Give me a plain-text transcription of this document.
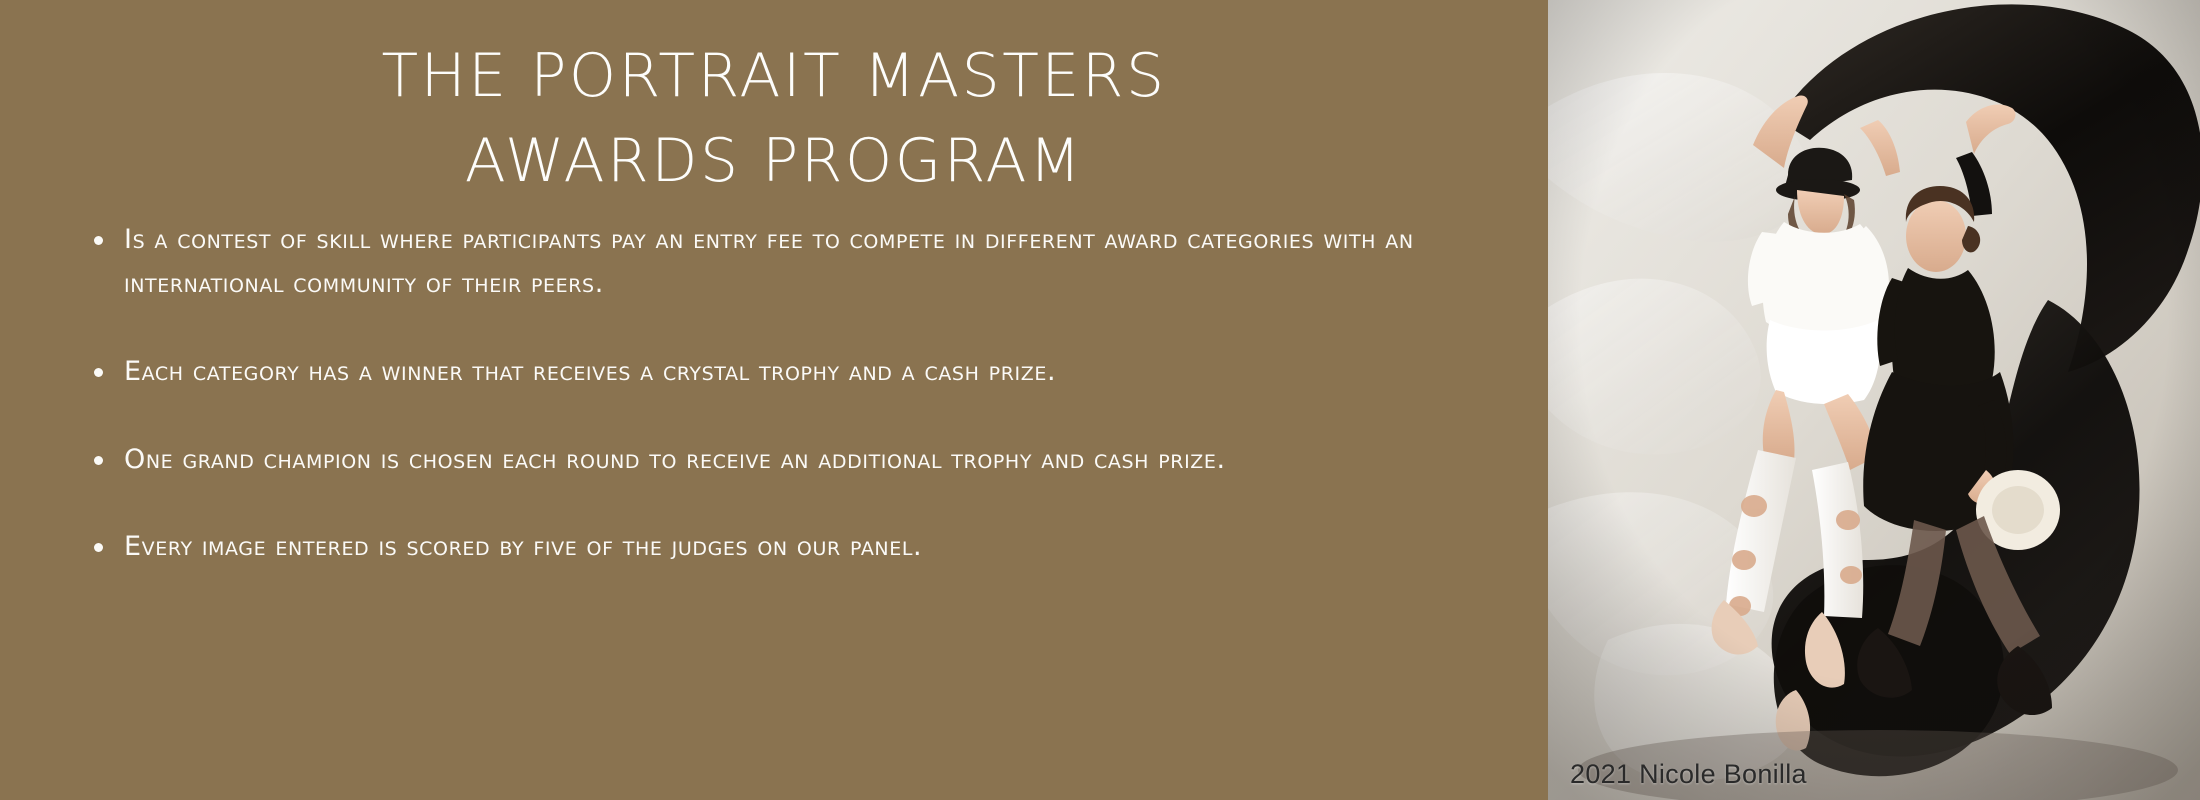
THE PORTRAIT MASTERS
AWARDS PROGRAM
Is a contest of skill where participants pay an entry fee to compete in different award categories with an international community of their peers.
Each category has a winner that receives a crystal trophy and a cash prize.
One grand champion is chosen each round to receive an additional trophy and cash prize.
Every image entered is scored by five of the judges on our panel.
2021 Nicole Bonilla
